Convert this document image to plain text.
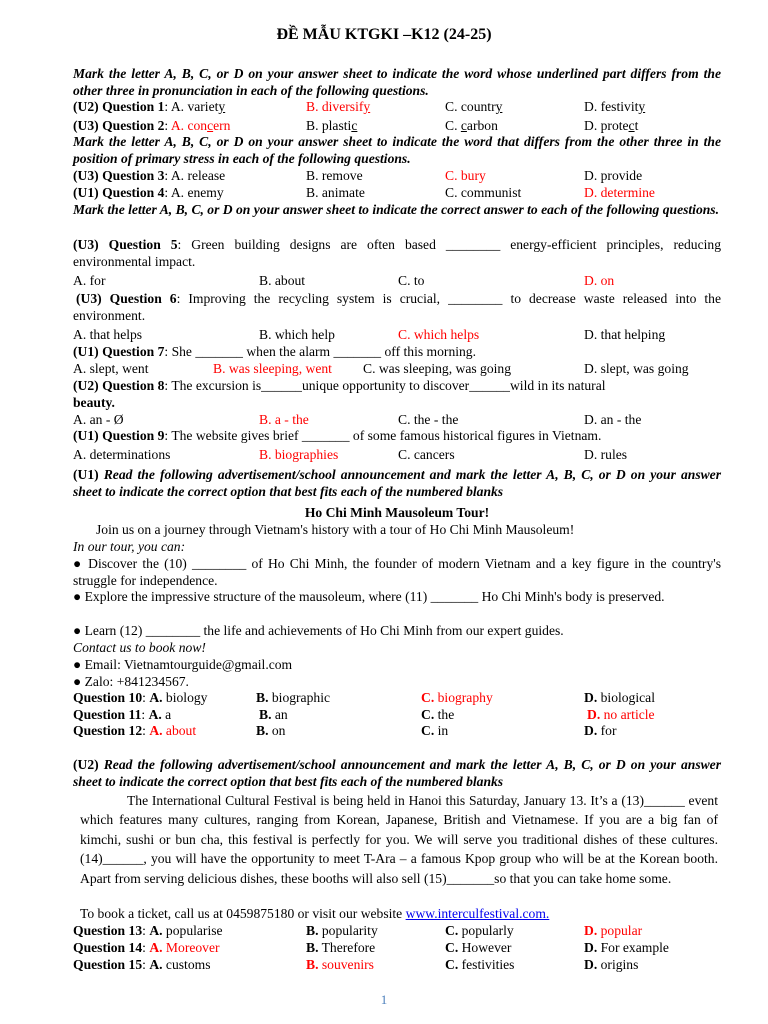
ĐỀ MẪU KTGKI –K12 (24-25)
Mark the letter A, B, C, or D on your answer sheet to indicate the word whose underlined part differs from the other three in pronunciation in each of the following questions.
(U2) Question 1: A. variety	B. diversify	C. country	D. festivity
(U3) Question 2: A. concern	B. plastic	C. carbon	D. protect
Mark the letter A, B, C, or D on your answer sheet to indicate the word that differs from the other three in the position of primary stress in each of the following questions.
(U3) Question 3: A. release	B. remove	C. bury	D. provide
(U1) Question 4: A. enemy	B. animate	C. communist	D. determine
Mark the letter A, B, C, or D on your answer sheet to indicate the correct answer to each of the following questions.
(U3) Question 5: Green building designs are often based ________ energy-efficient principles, reducing environmental impact.
A. for	B. about	C. to	D. on
(U3) Question 6: Improving the recycling system is crucial, ________ to decrease waste released into the environment.
A. that helps	B. which help	C. which helps	D. that helping
(U1) Question 7: She _______ when the alarm _______ off this morning.
A. slept, went	B. was sleeping, went C. was sleeping, was going	D. slept, was going
(U2) Question 8: The excursion is______unique opportunity to discover______wild in its natural
beauty.
A. an - Ø	B. a - the	C. the - the	D. an - the
(U1) Question 9: The website gives brief _______ of some famous historical figures in Vietnam.
A. determinations	B. biographies	C. cancers	D. rules
(U1) Read the following advertisement/school announcement and mark the letter A, B, C, or D on your answer sheet to indicate the correct option that best fits each of the numbered blanks
Ho Chi Minh Mausoleum Tour!
Join us on a journey through Vietnam's history with a tour of Ho Chi Minh Mausoleum!
In our tour, you can:
● Discover the (10) ________ of Ho Chi Minh, the founder of modern Vietnam and a key figure in the country's struggle for independence.
● Explore the impressive structure of the mausoleum, where (11) _______ Ho Chi Minh's body is preserved.
● Learn (12) ________ the life and achievements of Ho Chi Minh from our expert guides.
Contact us to book now!
● Email: Vietnamtourguide@gmail.com
● Zalo: +841234567.
Question 10: A. biology	B. biographic	C. biography	D. biological
Question 11: A. a	B. an	C. the	D. no article
Question 12: A. about	B. on	C. in	D. for
(U2) Read the following advertisement/school announcement and mark the letter A, B, C, or D on your answer sheet to indicate the correct option that best fits each of the numbered blanks
The International Cultural Festival is being held in Hanoi this Saturday, January 13. It’s a (13)______ event which features many cultures, ranging from Korean, Japanese, British and Vietnamese. If you are a big fan of kimchi, sushi or bun cha, this festival is perfectly for you. We will serve you traditional dishes of these cultures. (14)______, you will have the opportunity to meet T-Ara – a famous Kpop group who will be at the Korean booth. Apart from serving delicious dishes, these booths will also sell (15)_______so that you can take home some.
To book a ticket, call us at 0459875180 or visit our website www.interculfestival.com.
Question 13: A. popularise	B. popularity	C. popularly	D. popular
Question 14: A. Moreover	B. Therefore	C. However	D. For example
Question 15: A. customs	B. souvenirs	C. festivities	D. origins
1
